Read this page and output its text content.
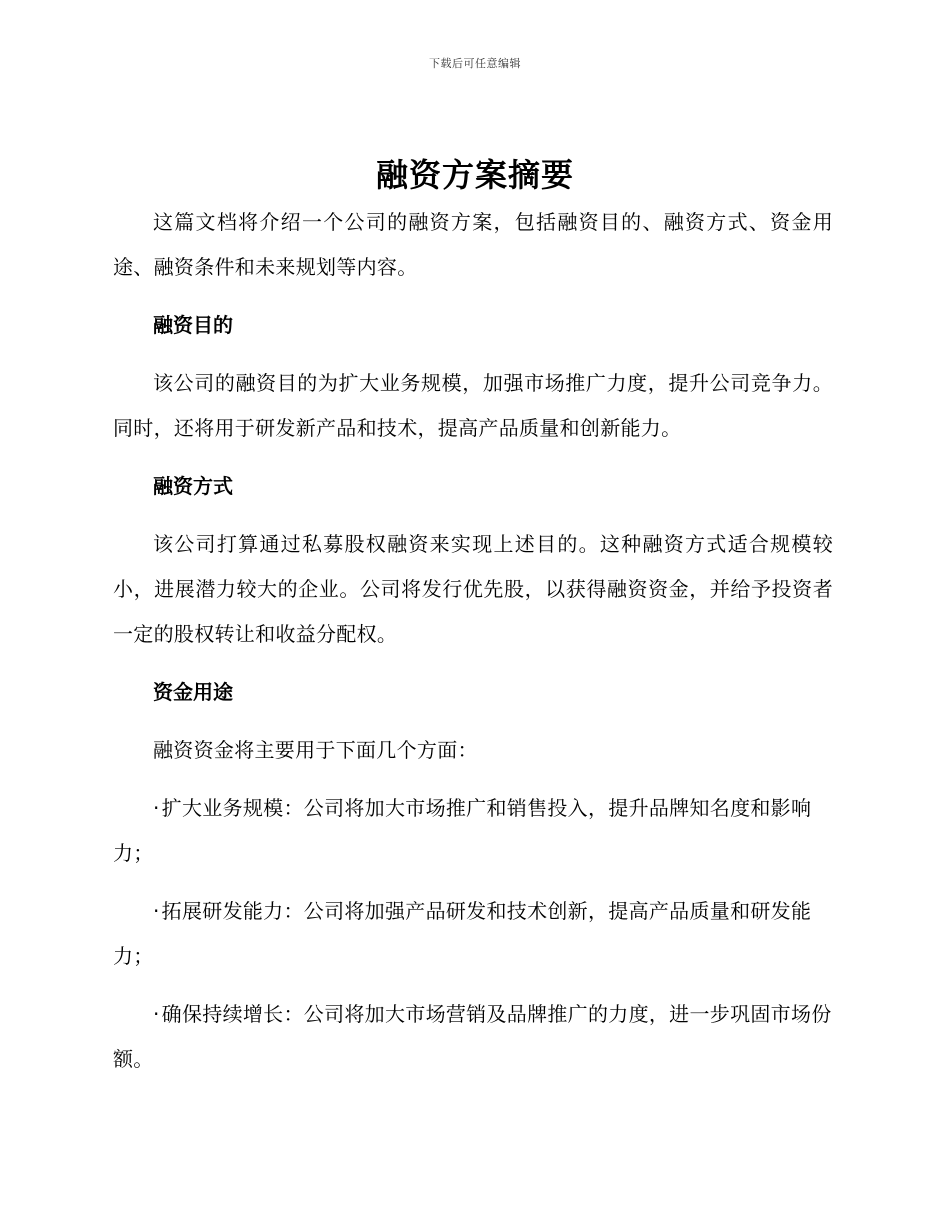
下载后可任意编辑
融资方案摘要

这篇文档将介绍一个公司的融资方案，包括融资目的、融资方式、资金用途、融资条件和未来规划等内容。

融资目的

该公司的融资目的为扩大业务规模，加强市场推广力度，提升公司竞争力。同时，还将用于研发新产品和技术，提高产品质量和创新能力。

融资方式

该公司打算通过私募股权融资来实现上述目的。这种融资方式适合规模较小，进展潜力较大的企业。公司将发行优先股，以获得融资资金，并给予投资者一定的股权转让和收益分配权。

资金用途

融资资金将主要用于下面几个方面：

· 扩大业务规模：公司将加大市场推广和销售投入，提升品牌知名度和影响力；

· 拓展研发能力：公司将加强产品研发和技术创新，提高产品质量和研发能力；

· 确保持续增长：公司将加大市场营销及品牌推广的力度，进一步巩固市场份额。
